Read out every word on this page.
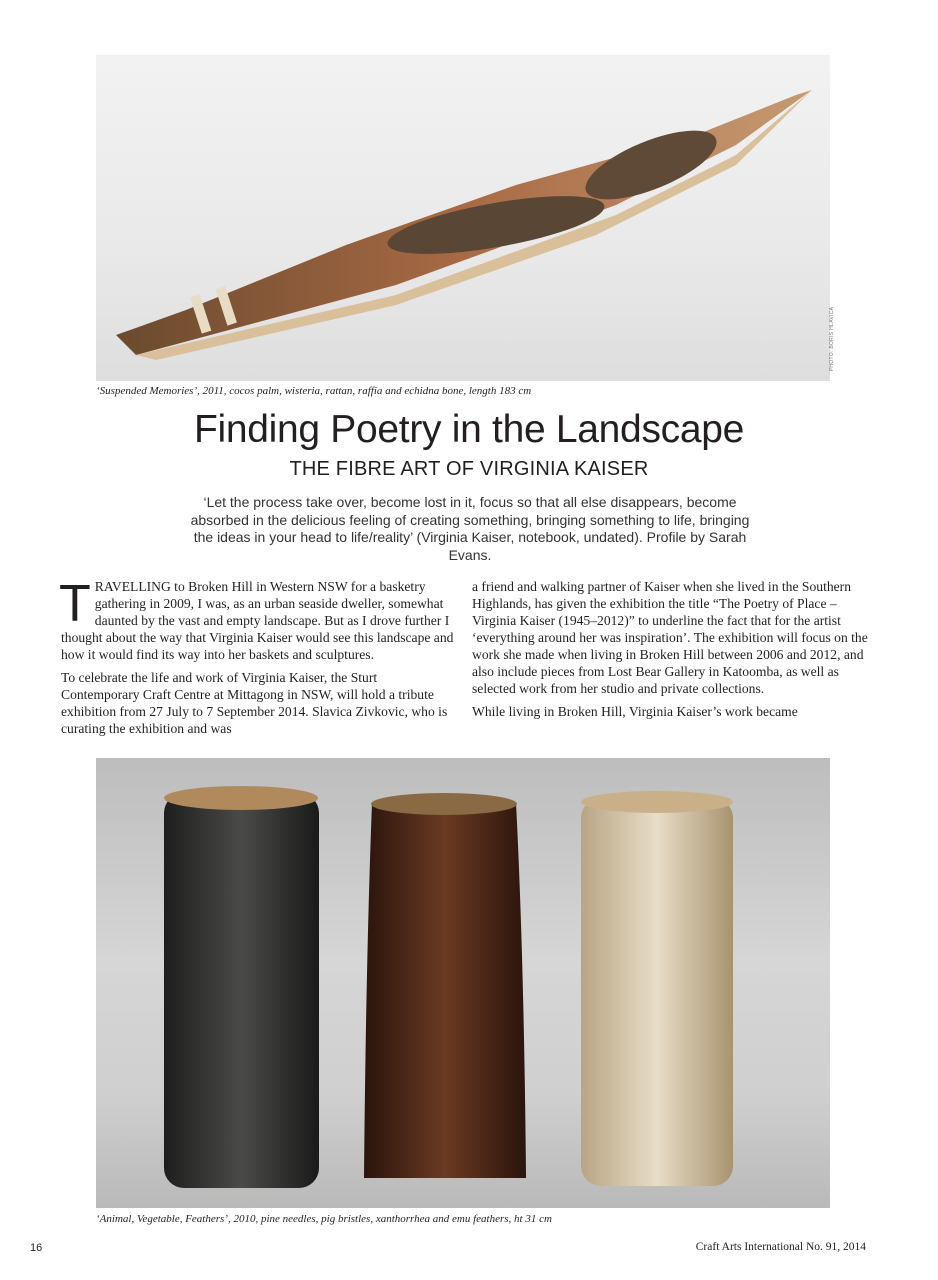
PHOTO: BORIS HLAVICA
‘Suspended Memories’, 2011, cocos palm, wisteria, rattan, raffia and echidna bone, length 183 cm
Finding Poetry in the Landscape
THE FIBRE ART OF VIRGINIA KAISER
‘Let the process take over, become lost in it, focus so that all else disappears, become absorbed in the delicious feeling of creating something, bringing something to life, bringing the ideas in your head to life/reality’ (Virginia Kaiser, notebook, undated). Profile by Sarah Evans.

TRAVELLING to Broken Hill in Western NSW for a basketry gathering in 2009, I was, as an urban seaside dweller, somewhat daunted by the vast and empty landscape. But as I drove further I thought about the way that Virginia Kaiser would see this landscape and how it would find its way into her baskets and sculptures.

To celebrate the life and work of Virginia Kaiser, the Sturt Contemporary Craft Centre at Mittagong in NSW, will hold a tribute exhibition from 27 July to 7 September 2014. Slavica Zivkovic, who is curating the exhibition and was

a friend and walking partner of Kaiser when she lived in the Southern Highlands, has given the exhibition the title “The Poetry of Place – Virginia Kaiser (1945–2012)” to underline the fact that for the artist ‘everything around her was inspiration’. The exhibition will focus on the work she made when living in Broken Hill between 2006 and 2012, and also include pieces from Lost Bear Gallery in Katoomba, as well as selected work from her studio and private collections.

While living in Broken Hill, Virginia Kaiser’s work became

‘Animal, Vegetable, Feathers’, 2010, pine needles, pig bristles, xanthorrhea and emu feathers, ht 31 cm
16	Craft Arts International No. 91, 2014
